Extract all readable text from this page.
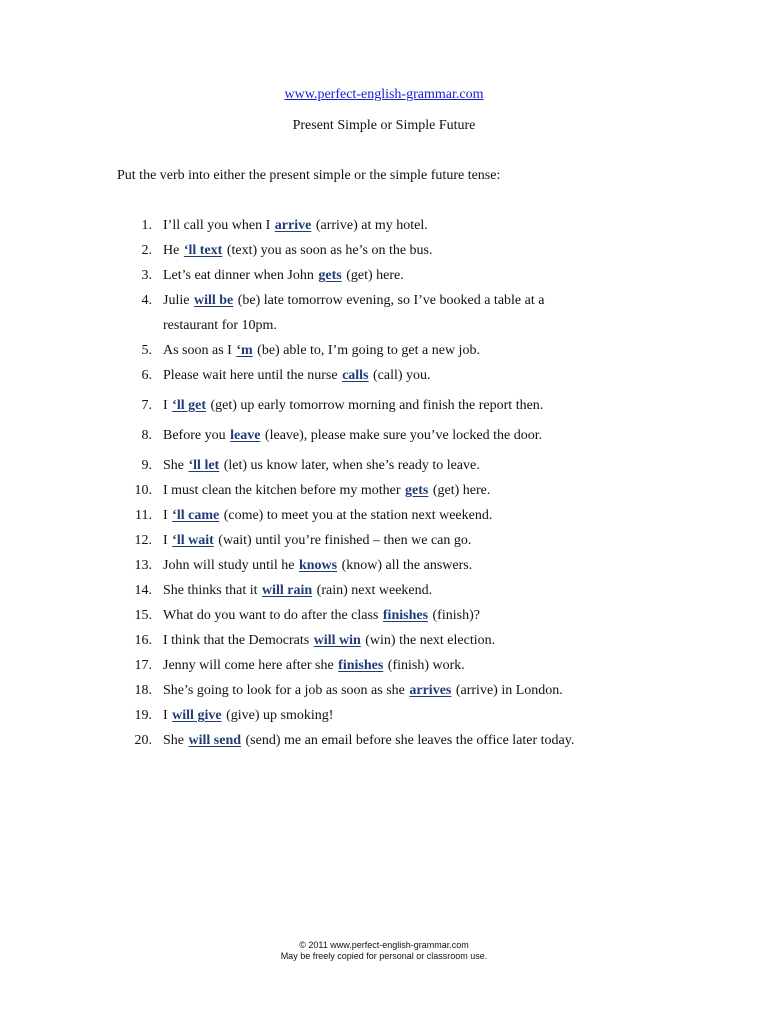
www.perfect-english-grammar.com
Present Simple or Simple Future
Put the verb into either the present simple or the simple future tense:
1. I’ll call you when I arrive (arrive) at my hotel.
2. He ‘ll text (text) you as soon as he’s on the bus.
3. Let’s eat dinner when John gets (get) here.
4. Julie will be (be) late tomorrow evening, so I’ve booked a table at a
restaurant for 10pm.
5. As soon as I ‘m (be) able to, I’m going to get a new job.
6. Please wait here until the nurse calls (call) you.
7. I ‘ll get (get) up early tomorrow morning and finish the report then.
8. Before you leave (leave), please make sure you’ve locked the door.
9. She ‘ll let (let) us know later, when she’s ready to leave.
10. I must clean the kitchen before my mother gets (get) here.
11. I ‘ll came (come) to meet you at the station next weekend.
12. I ‘ll wait (wait) until you’re finished – then we can go.
13. John will study until he knows (know) all the answers.
14. She thinks that it will rain (rain) next weekend.
15. What do you want to do after the class finishes (finish)?
16. I think that the Democrats will win (win) the next election.
17. Jenny will come here after she finishes (finish) work.
18. She’s going to look for a job as soon as she arrives (arrive) in London.
19. I will give (give) up smoking!
20. She will send (send) me an email before she leaves the office later today.
© 2011 www.perfect-english-grammar.com
May be freely copied for personal or classroom use.
